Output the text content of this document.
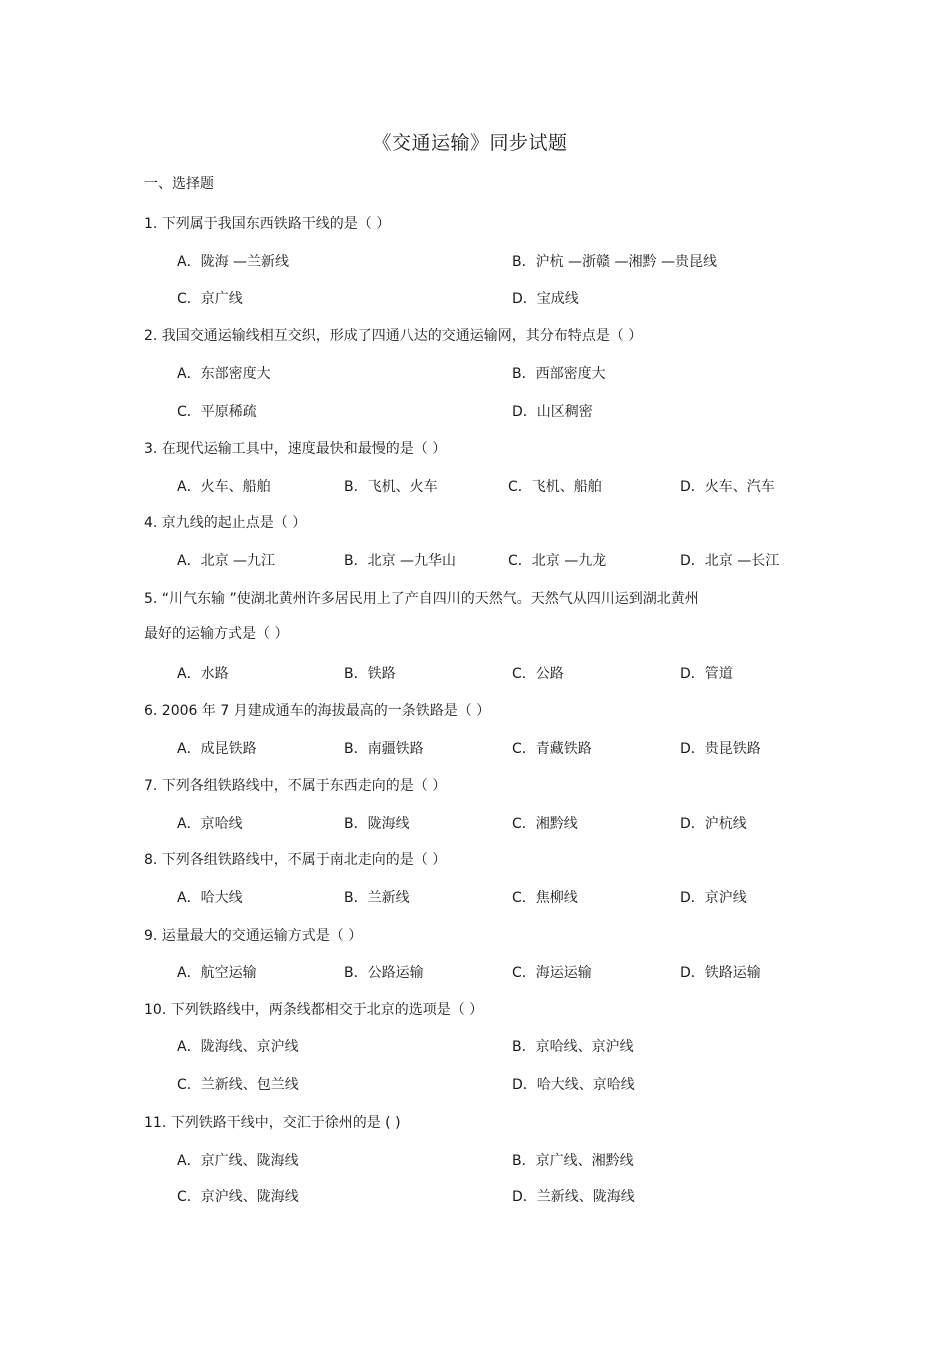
《交通运输》同步试题
一、选择题
1. 下列属于我国东西铁路干线的是（ ）
A．陇海 —兰新线	B．沪杭 —浙赣 —湘黔 —贵昆线
C．京广线	D．宝成线
2. 我国交通运输线相互交织，形成了四通八达的交通运输网，其分布特点是（ ）
A．东部密度大	B．西部密度大
C．平原稀疏	D．山区稠密
3. 在现代运输工具中，速度最快和最慢的是（ ）
A．火车、船舶	B．飞机、火车	C．飞机、船舶	D．火车、汽车
4. 京九线的起止点是（ ）
A．北京 —九江	B．北京 —九华山	C．北京 —九龙	D．北京 —长江
5. “川气东输 ”使湖北黄州许多居民用上了产自四川的天然气。天然气从四川运到湖北黄州
最好的运输方式是（ ）
A．水路	B．铁路	C．公路	D．管道
6. 2006 年 7 月建成通车的海拔最高的一条铁路是（ ）
A．成昆铁路	B．南疆铁路	C．青藏铁路	D．贵昆铁路
7. 下列各组铁路线中，不属于东西走向的是（ ）
A．京哈线	B．陇海线	C．湘黔线	D．沪杭线
8. 下列各组铁路线中，不属于南北走向的是（ ）
A．哈大线	B．兰新线	C．焦柳线	D．京沪线
9. 运量最大的交通运输方式是（ ）
A．航空运输	B．公路运输	C．海运运输	D．铁路运输
10. 下列铁路线中，两条线都相交于北京的选项是（ ）
A．陇海线、京沪线	B．京哈线、京沪线
C．兰新线、包兰线	D．哈大线、京哈线
11. 下列铁路干线中，交汇于徐州的是 ( )
A．京广线、陇海线	B．京广线、湘黔线
C．京沪线、陇海线	D．兰新线、陇海线
